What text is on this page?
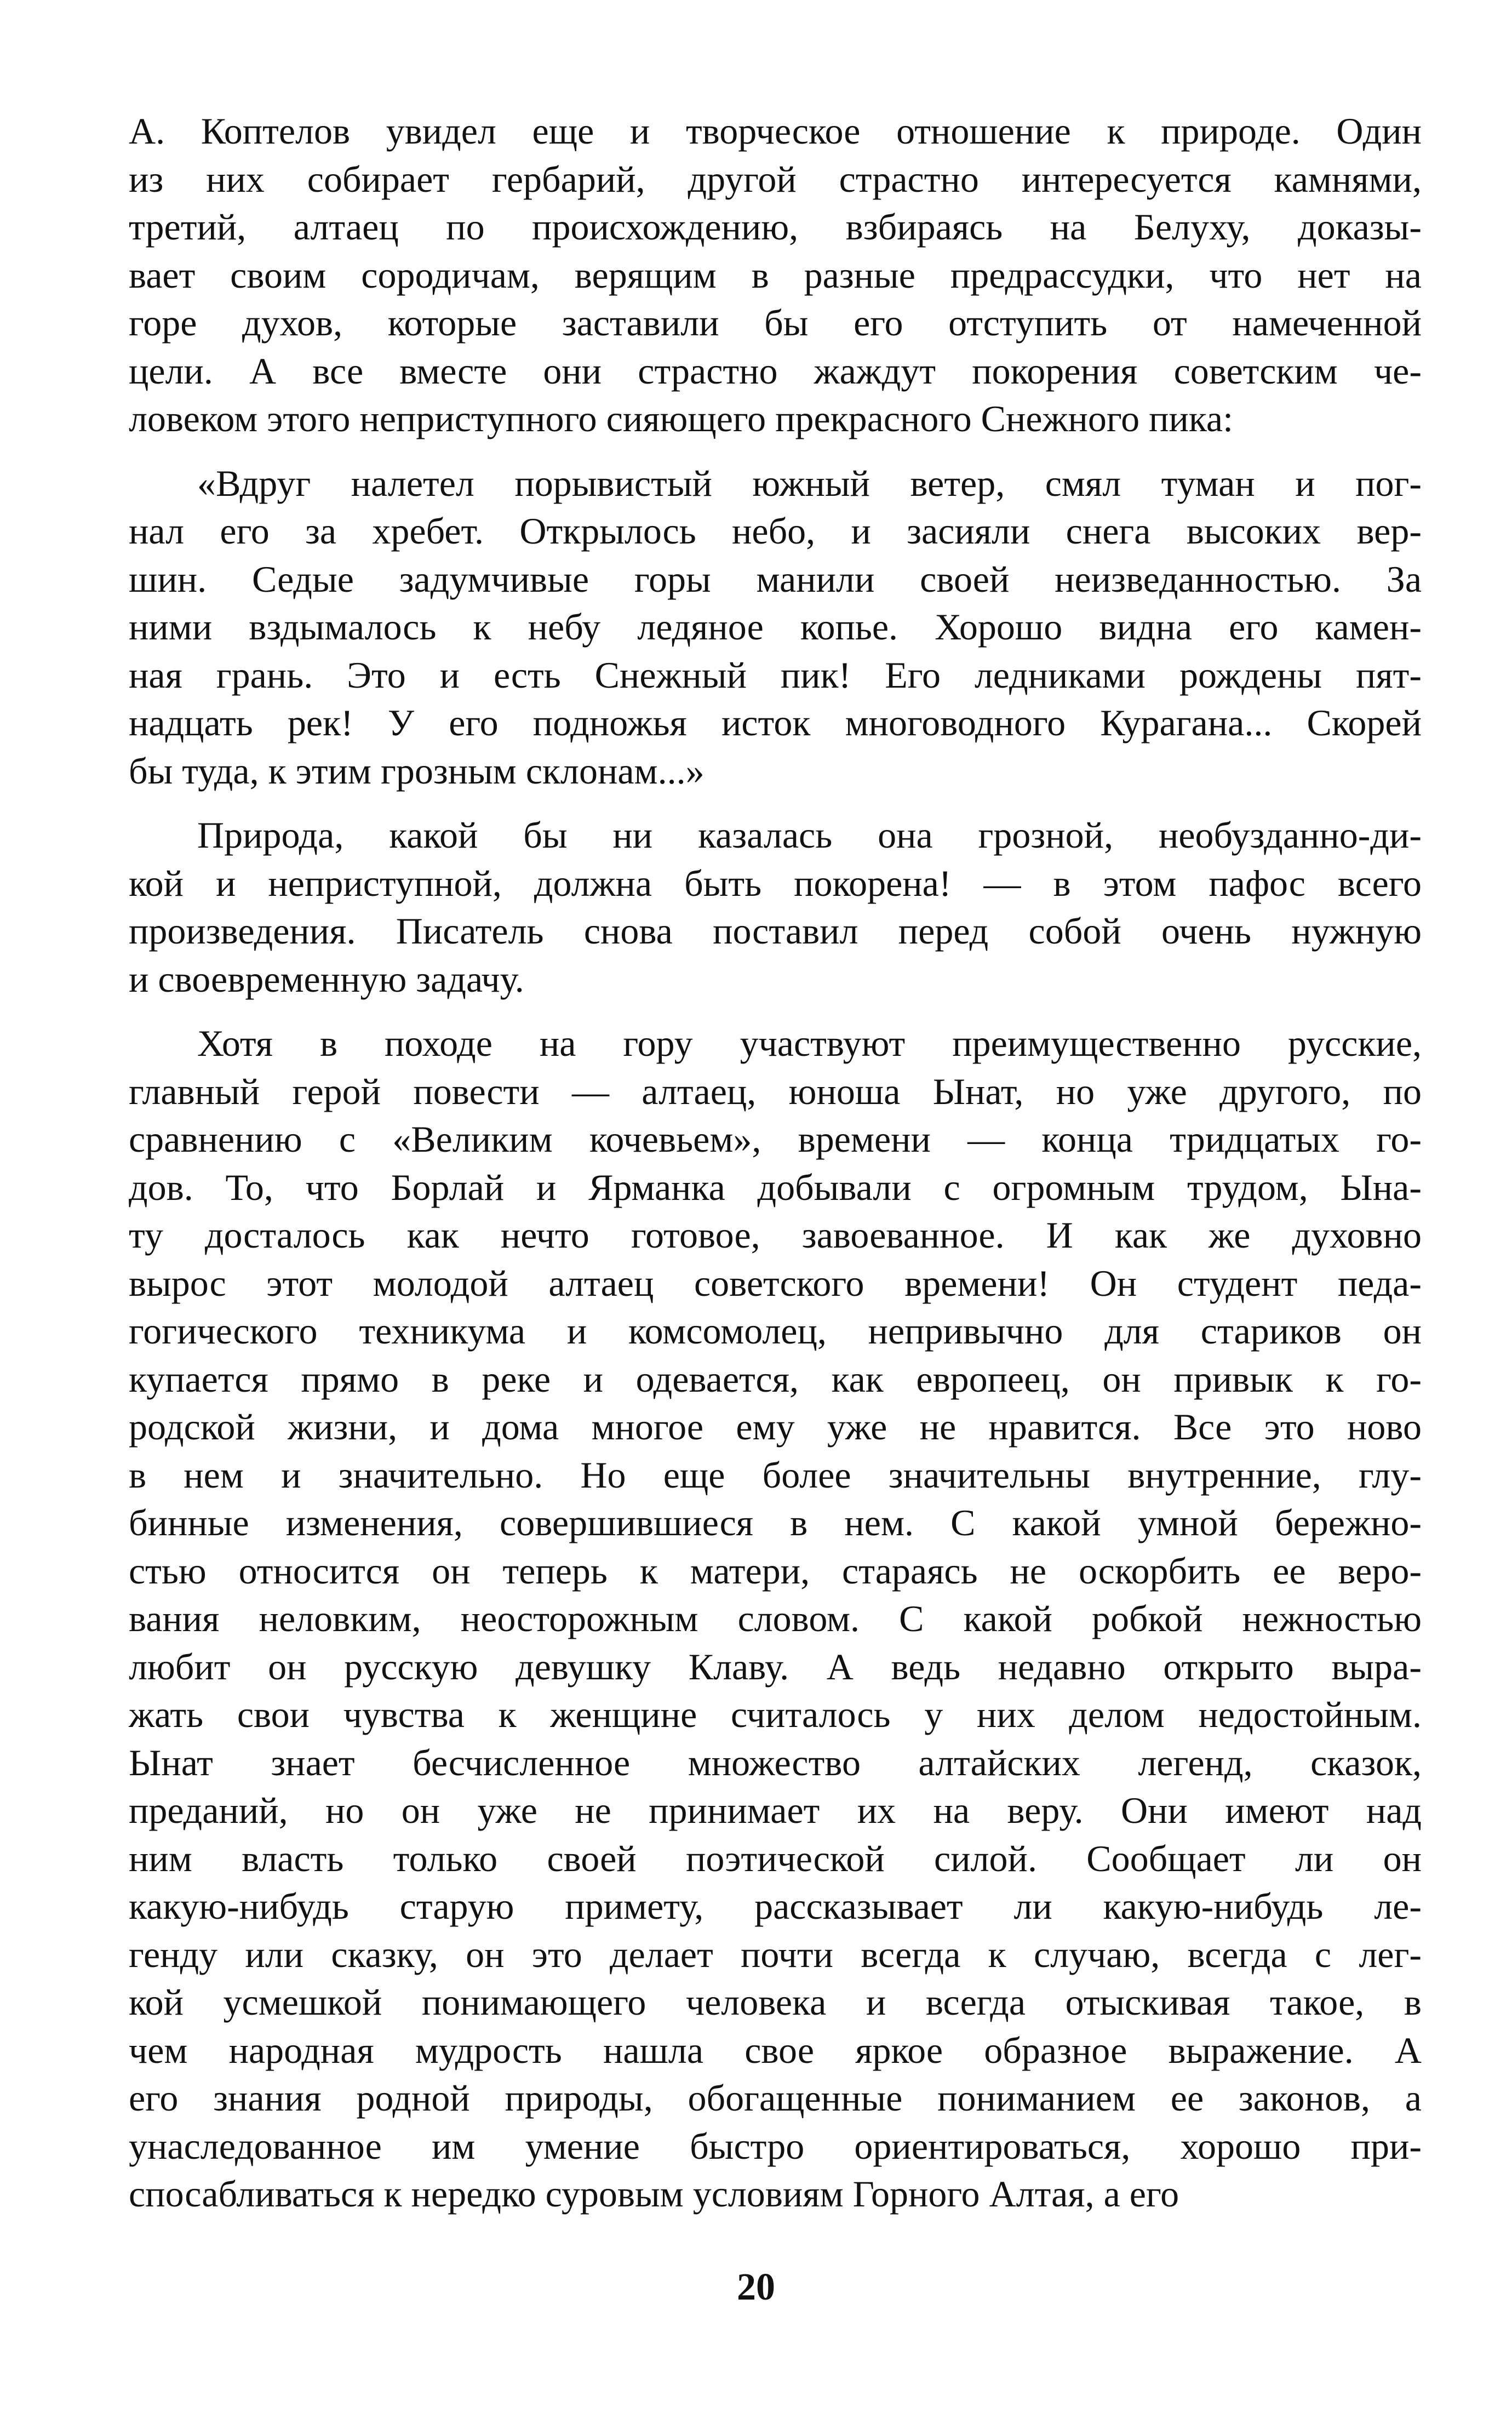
А. Коптелов увидел еще и творческое отношение к природе. Один
из них собирает гербарий, другой страстно интересуется камнями,
третий, алтаец по происхождению, взбираясь на Белуху, доказы-
вает своим сородичам, верящим в разные предрассудки, что нет на
горе духов, которые заставили бы его отступить от намеченной
цели. А все вместе они страстно жаждут покорения советским че-
ловеком этого неприступного сияющего прекрасного Снежного пика:

«Вдруг налетел порывистый южный ветер, смял туман и пог-
нал его за хребет. Открылось небо, и засияли снега высоких вер-
шин. Седые задумчивые горы манили своей неизведанностью. За
ними вздымалось к небу ледяное копье. Хорошо видна его камен-
ная грань. Это и есть Снежный пик! Его ледниками рождены пят-
надцать рек! У его подножья исток многоводного Курагана... Скорей
бы туда, к этим грозным склонам...»

Природа, какой бы ни казалась она грозной, необузданно-ди-
кой и неприступной, должна быть покорена! — в этом пафос всего
произведения. Писатель снова поставил перед собой очень нужную
и своевременную задачу.

Хотя в походе на гору участвуют преимущественно русские,
главный герой повести — алтаец, юноша Ынат, но уже другого, по
сравнению с «Великим кочевьем», времени — конца тридцатых го-
дов. То, что Борлай и Ярманка добывали с огромным трудом, Ына-
ту досталось как нечто готовое, завоеванное. И как же духовно
вырос этот молодой алтаец советского времени! Он студент педа-
гогического техникума и комсомолец, непривычно для стариков он
купается прямо в реке и одевается, как европеец, он привык к го-
родской жизни, и дома многое ему уже не нравится. Все это ново
в нем и значительно. Но еще более значительны внутренние, глу-
бинные изменения, совершившиеся в нем. С какой умной бережно-
стью относится он теперь к матери, стараясь не оскорбить ее веро-
вания неловким, неосторожным словом. С какой робкой нежностью
любит он русскую девушку Клаву. А ведь недавно открыто выра-
жать свои чувства к женщине считалось у них делом недостойным.
Ынат знает бесчисленное множество алтайских легенд, сказок,
преданий, но он уже не принимает их на веру. Они имеют над
ним власть только своей поэтической силой. Сообщает ли он
какую-нибудь старую примету, рассказывает ли какую-нибудь ле-
генду или сказку, он это делает почти всегда к случаю, всегда с лег-
кой усмешкой понимающего человека и всегда отыскивая такое, в
чем народная мудрость нашла свое яркое образное выражение. А
его знания родной природы, обогащенные пониманием ее законов, а
унаследованное им умение быстро ориентироваться, хорошо при-
спосабливаться к нередко суровым условиям Горного Алтая, а его

20
